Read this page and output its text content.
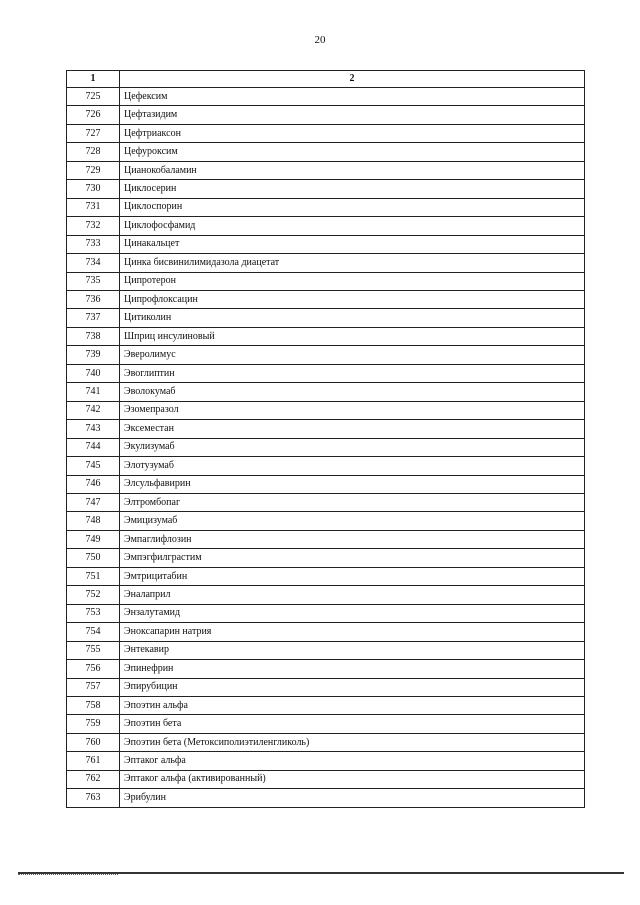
20
1	2
725	Цефексим
726	Цефтазидим
727	Цефтриаксон
728	Цефуроксим
729	Цианокобаламин
730	Циклосерин
731	Циклоспорин
732	Циклофосфамид
733	Цинакальцет
734	Цинка бисвинилимидазола диацетат
735	Ципротерон
736	Ципрофлоксацин
737	Цитиколин
738	Шприц инсулиновый
739	Эверолимус
740	Эвоглиптин
741	Эволокумаб
742	Эзомепразол
743	Эксеместан
744	Экулизумаб
745	Элотузумаб
746	Элсульфавирин
747	Элтромбопаг
748	Эмицизумаб
749	Эмпаглифлозин
750	Эмпэгфилграстим
751	Эмтрицитабин
752	Эналаприл
753	Энзалутамид
754	Эноксапарин натрия
755	Энтекавир
756	Эпинефрин
757	Эпирубицин
758	Эпоэтин альфа
759	Эпоэтин бета
760	Эпоэтин бета (Метоксиполиэтиленгликоль)
761	Эптаког альфа
762	Эптаког альфа (активированный)
763	Эрибулин
